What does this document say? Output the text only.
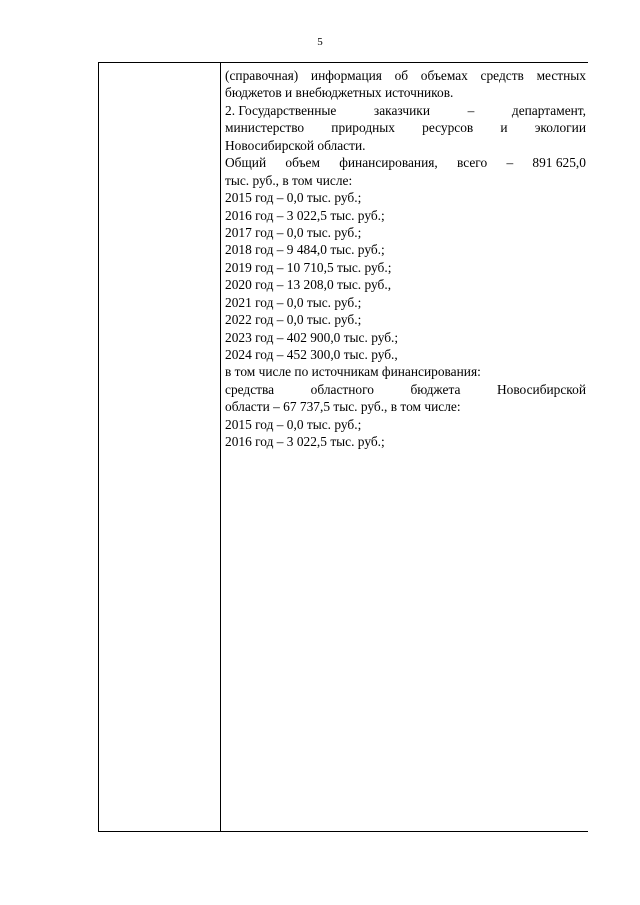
5
(справочная) информация об объемах средств местных
бюджетов и внебюджетных источников.
2. Государственные	заказчики	–	департамент,
министерство природных ресурсов и экологии
Новосибирской области.
Общий объем финансирования, всего – 891 625,0
тыс. руб., в том числе:
2015 год – 0,0 тыс. руб.;
2016 год – 3 022,5 тыс. руб.;
2017 год – 0,0 тыс. руб.;
2018 год – 9 484,0 тыс. руб.;
2019 год – 10 710,5 тыс. руб.;
2020 год – 13 208,0 тыс. руб.,
2021 год – 0,0 тыс. руб.;
2022 год – 0,0 тыс. руб.;
2023 год – 402 900,0 тыс. руб.;
2024 год – 452 300,0 тыс. руб.,
в том числе по источникам финансирования:
средства	областного	бюджета	Новосибирской
области – 67 737,5 тыс. руб., в том числе:
2015 год – 0,0 тыс. руб.;
2016 год – 3 022,5 тыс. руб.;
